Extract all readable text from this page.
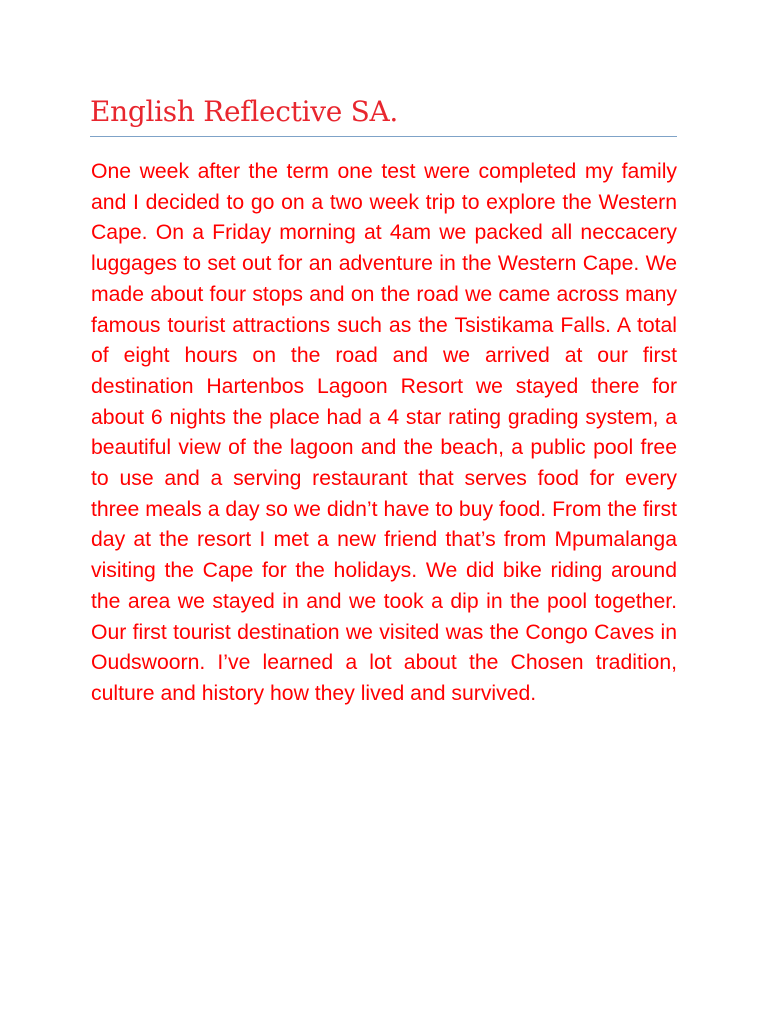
English Reflective SA.

One week after the term one test were completed my family and I decided to go on a two week trip to explore the Western Cape. On a Friday morning at 4am we packed all neccacery luggages to set out for an adventure in the Western Cape. We made about four stops and on the road we came across many famous tourist attractions such as the Tsistikama Falls. A total of eight hours on the road and we arrived at our first destination Hartenbos Lagoon Resort we stayed there for about 6 nights the place had a 4 star rating grading system, a beautiful view of the lagoon and the beach, a public pool free to use and a serving restaurant that serves food for every three meals a day so we didn’t have to buy food. From the first day at the resort I met a new friend that’s from Mpumalanga visiting the Cape for the holidays. We did bike riding around the area we stayed in and we took a dip in the pool together. Our first tourist destination we visited was the Congo Caves in Oudswoorn. I’ve learned a lot about the Chosen tradition, culture and history how they lived and survived.
